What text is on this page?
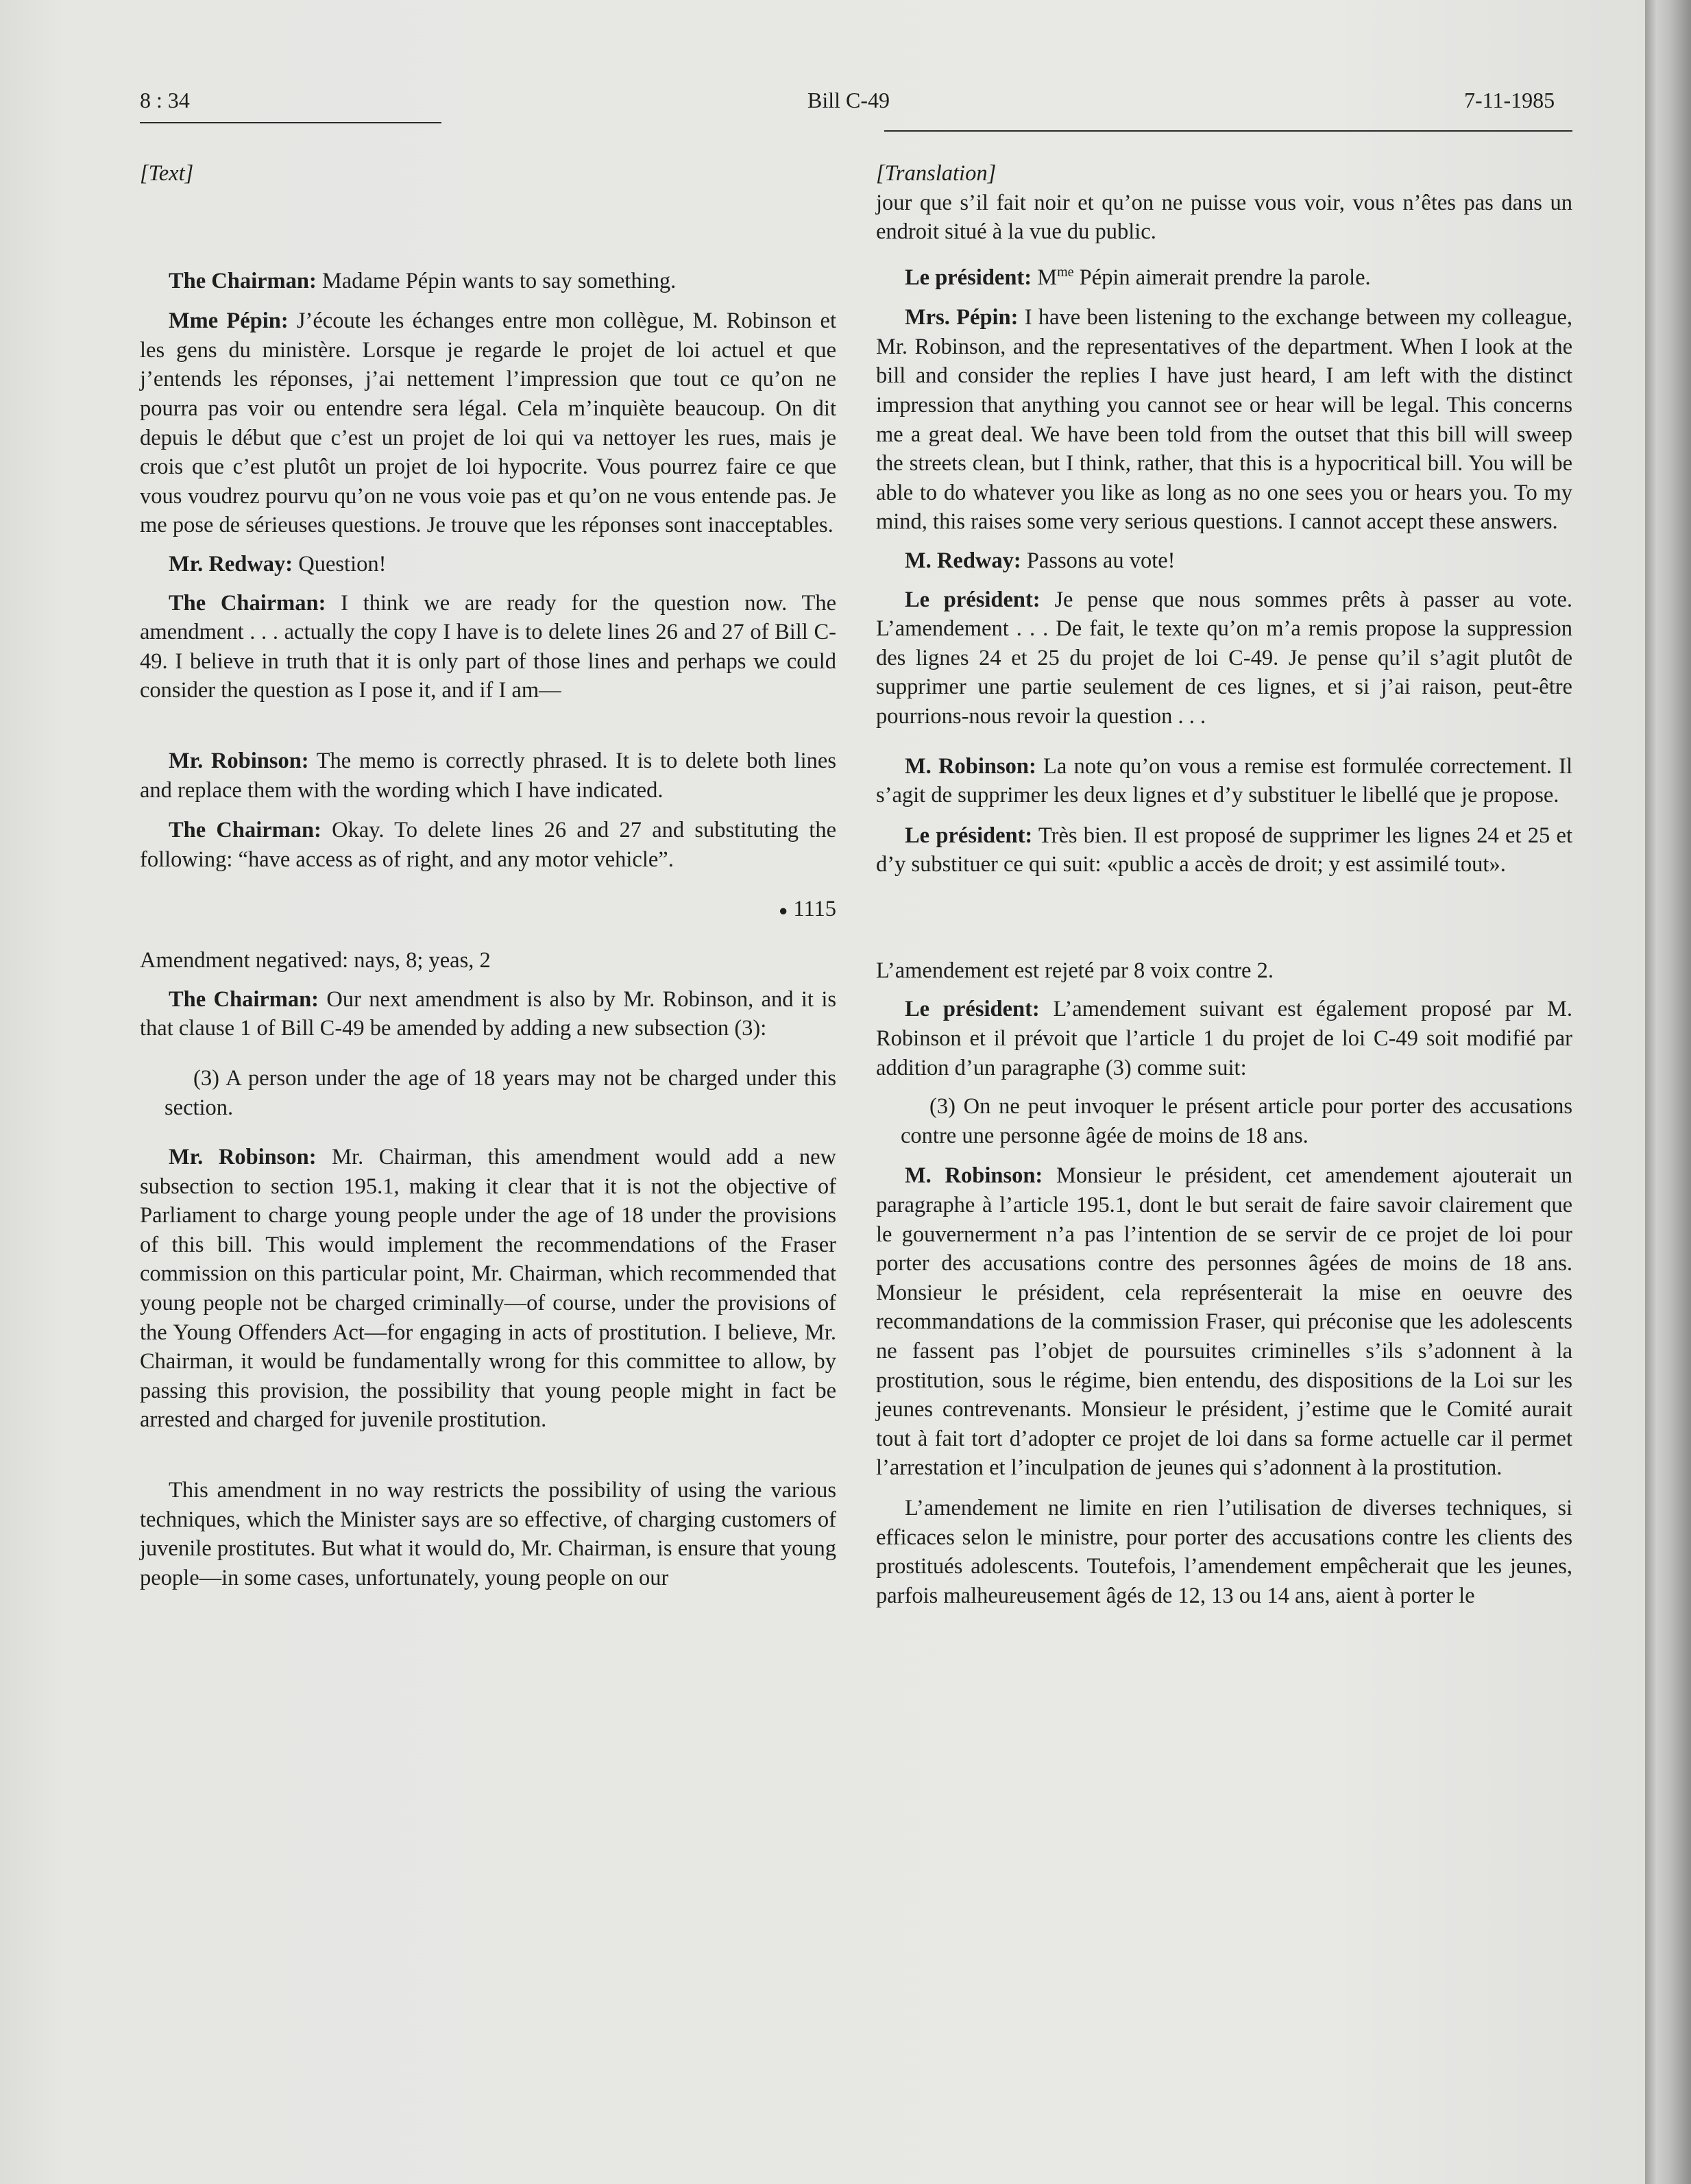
8 : 34	Bill C-49	7-11-1985

[Text]

The Chairman: Madame Pépin wants to say something.

Mme Pépin: J’écoute les échanges entre mon collègue, M. Robinson et les gens du ministère. Lorsque je regarde le projet de loi actuel et que j’entends les réponses, j’ai nettement l’impression que tout ce qu’on ne pourra pas voir ou entendre sera légal. Cela m’inquiète beaucoup. On dit depuis le début que c’est un projet de loi qui va nettoyer les rues, mais je crois que c’est plutôt un projet de loi hypocrite. Vous pourrez faire ce que vous voudrez pourvu qu’on ne vous voie pas et qu’on ne vous entende pas. Je me pose de sérieuses questions. Je trouve que les réponses sont inacceptables.

Mr. Redway: Question!

The Chairman: I think we are ready for the question now. The amendment . . . actually the copy I have is to delete lines 26 and 27 of Bill C-49. I believe in truth that it is only part of those lines and perhaps we could consider the question as I pose it, and if I am—

Mr. Robinson: The memo is correctly phrased. It is to delete both lines and replace them with the wording which I have indicated.

The Chairman: Okay. To delete lines 26 and 27 and substituting the following: “have access as of right, and any motor vehicle”.

● 1115

Amendment negatived: nays, 8; yeas, 2

The Chairman: Our next amendment is also by Mr. Robinson, and it is that clause 1 of Bill C-49 be amended by adding a new subsection (3):

(3) A person under the age of 18 years may not be charged under this section.

Mr. Robinson: Mr. Chairman, this amendment would add a new subsection to section 195.1, making it clear that it is not the objective of Parliament to charge young people under the age of 18 under the provisions of this bill. This would implement the recommendations of the Fraser commission on this particular point, Mr. Chairman, which recommended that young people not be charged criminally—of course, under the provisions of the Young Offenders Act—for engaging in acts of prostitution. I believe, Mr. Chairman, it would be fundamentally wrong for this committee to allow, by passing this provision, the possibility that young people might in fact be arrested and charged for juvenile prostitution.

This amendment in no way restricts the possibility of using the various techniques, which the Minister says are so effective, of charging customers of juvenile prostitutes. But what it would do, Mr. Chairman, is ensure that young people—in some cases, unfortunately, young people on our

[Translation]

jour que s’il fait noir et qu’on ne puisse vous voir, vous n’êtes pas dans un endroit situé à la vue du public.

Le président: $M^{me}$ Pépin aimerait prendre la parole.

Mrs. Pépin: I have been listening to the exchange between my colleague, Mr. Robinson, and the representatives of the department. When I look at the bill and consider the replies I have just heard, I am left with the distinct impression that anything you cannot see or hear will be legal. This concerns me a great deal. We have been told from the outset that this bill will sweep the streets clean, but I think, rather, that this is a hypocritical bill. You will be able to do whatever you like as long as no one sees you or hears you. To my mind, this raises some very serious questions. I cannot accept these answers.

M. Redway: Passons au vote!

Le président: Je pense que nous sommes prêts à passer au vote. L’amendement . . . De fait, le texte qu’on m’a remis propose la suppression des lignes 24 et 25 du projet de loi C-49. Je pense qu’il s’agit plutôt de supprimer une partie seulement de ces lignes, et si j’ai raison, peut-être pourrions-nous revoir la question . . .

M. Robinson: La note qu’on vous a remise est formulée correctement. Il s’agit de supprimer les deux lignes et d’y substituer le libellé que je propose.

Le président: Très bien. Il est proposé de supprimer les lignes 24 et 25 et d’y substituer ce qui suit: «public a accès de droit; y est assimilé tout».

L’amendement est rejeté par 8 voix contre 2.

Le président: L’amendement suivant est également proposé par M. Robinson et il prévoit que l’article 1 du projet de loi C-49 soit modifié par addition d’un paragraphe (3) comme suit:

(3) On ne peut invoquer le présent article pour porter des accusations contre une personne âgée de moins de 18 ans.

M. Robinson: Monsieur le président, cet amendement ajouterait un paragraphe à l’article 195.1, dont le but serait de faire savoir clairement que le gouvernerment n’a pas l’intention de se servir de ce projet de loi pour porter des accusations contre des personnes âgées de moins de 18 ans. Monsieur le président, cela représenterait la mise en oeuvre des recommandations de la commission Fraser, qui préconise que les adolescents ne fassent pas l’objet de poursuites criminelles s’ils s’adonnent à la prostitution, sous le régime, bien entendu, des dispositions de la Loi sur les jeunes contrevenants. Monsieur le président, j’estime que le Comité aurait tout à fait tort d’adopter ce projet de loi dans sa forme actuelle car il permet l’arrestation et l’inculpation de jeunes qui s’adonnent à la prostitution.

L’amendement ne limite en rien l’utilisation de diverses techniques, si efficaces selon le ministre, pour porter des accusations contre les clients des prostitués adolescents. Toutefois, l’amendement empêcherait que les jeunes, parfois malheureusement âgés de 12, 13 ou 14 ans, aient à porter le
